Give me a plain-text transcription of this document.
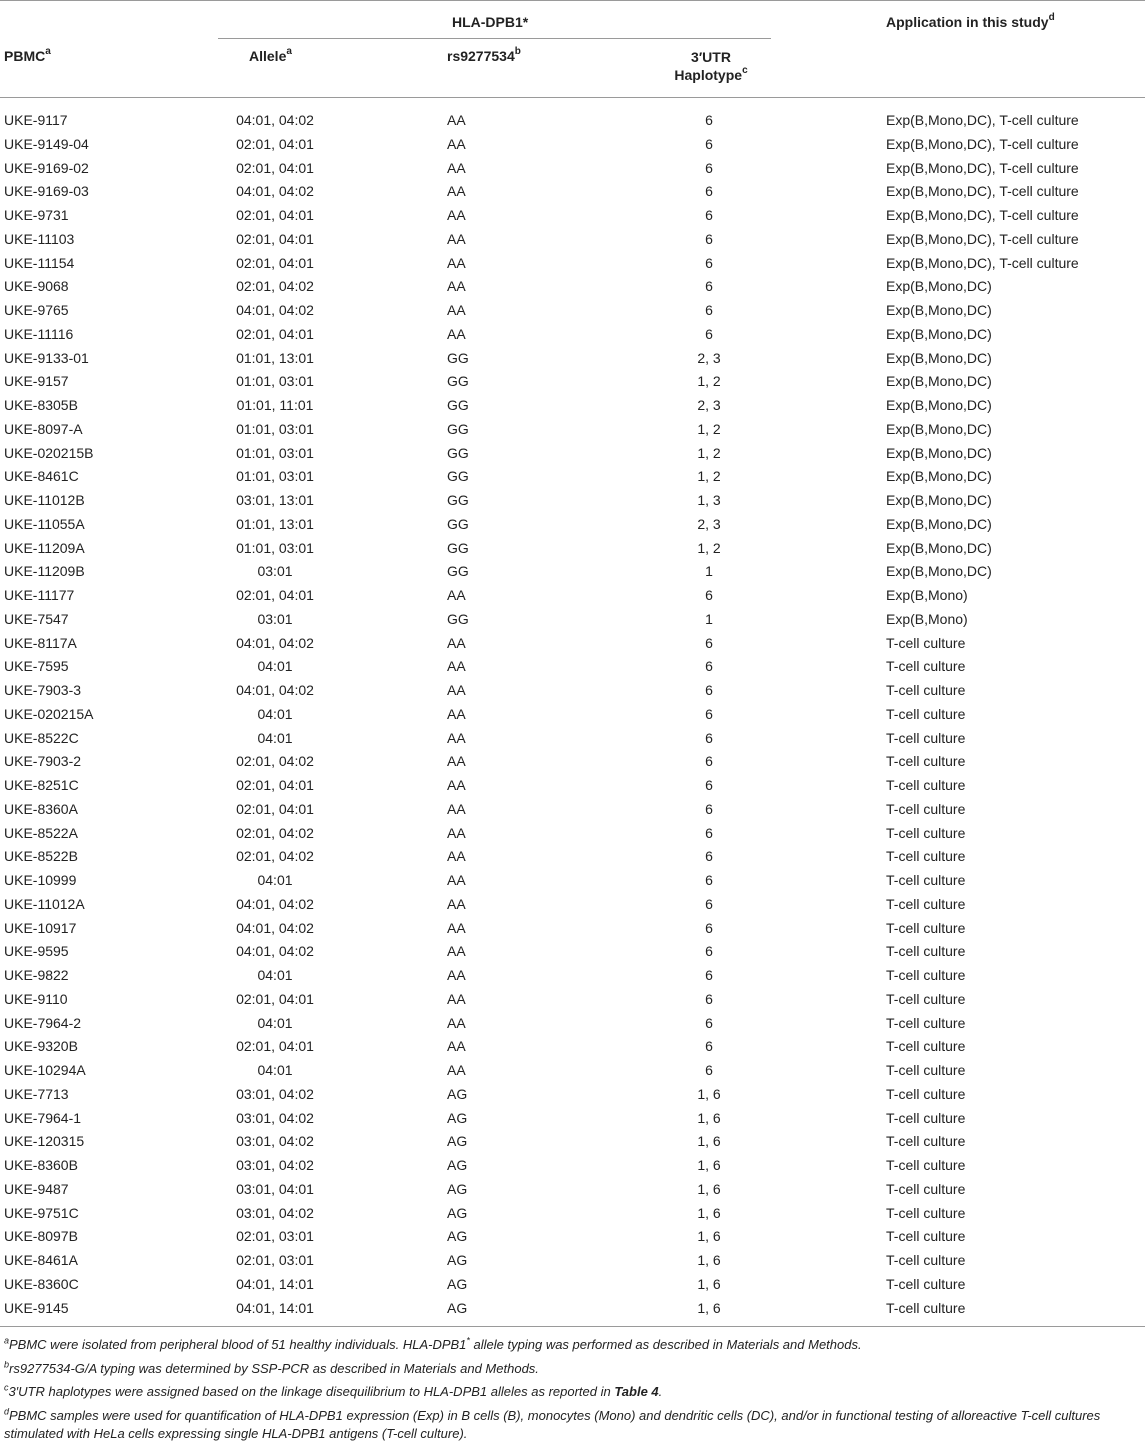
HLA-DPB1*
PBMC$^a$	Allele$^a$	rs9277534$^b$	3′UTR
Haplotype$^c$
Application in this study$^d$
UKE-9117	04:01, 04:02	AA	6	Exp(B,Mono,DC), T-cell culture
UKE-9149-04	02:01, 04:01	AA	6	Exp(B,Mono,DC), T-cell culture
UKE-9169-02	02:01, 04:01	AA	6	Exp(B,Mono,DC), T-cell culture
UKE-9169-03	04:01, 04:02	AA	6	Exp(B,Mono,DC), T-cell culture
UKE-9731	02:01, 04:01	AA	6	Exp(B,Mono,DC), T-cell culture
UKE-11103	02:01, 04:01	AA	6	Exp(B,Mono,DC), T-cell culture
UKE-11154	02:01, 04:01	AA	6	Exp(B,Mono,DC), T-cell culture
UKE-9068	02:01, 04:02	AA	6	Exp(B,Mono,DC)
UKE-9765	04:01, 04:02	AA	6	Exp(B,Mono,DC)
UKE-11116	02:01, 04:01	AA	6	Exp(B,Mono,DC)
UKE-9133-01	01:01, 13:01	GG	2, 3	Exp(B,Mono,DC)
UKE-9157	01:01, 03:01	GG	1, 2	Exp(B,Mono,DC)
UKE-8305B	01:01, 11:01	GG	2, 3	Exp(B,Mono,DC)
UKE-8097-A	01:01, 03:01	GG	1, 2	Exp(B,Mono,DC)
UKE-020215B	01:01, 03:01	GG	1, 2	Exp(B,Mono,DC)
UKE-8461C	01:01, 03:01	GG	1, 2	Exp(B,Mono,DC)
UKE-11012B	03:01, 13:01	GG	1, 3	Exp(B,Mono,DC)
UKE-11055A	01:01, 13:01	GG	2, 3	Exp(B,Mono,DC)
UKE-11209A	01:01, 03:01	GG	1, 2	Exp(B,Mono,DC)
UKE-11209B	03:01	GG	1	Exp(B,Mono,DC)
UKE-11177	02:01, 04:01	AA	6	Exp(B,Mono)
UKE-7547	03:01	GG	1	Exp(B,Mono)
UKE-8117A	04:01, 04:02	AA	6	T-cell culture
UKE-7595	04:01	AA	6	T-cell culture
UKE-7903-3	04:01, 04:02	AA	6	T-cell culture
UKE-020215A	04:01	AA	6	T-cell culture
UKE-8522C	04:01	AA	6	T-cell culture
UKE-7903-2	02:01, 04:02	AA	6	T-cell culture
UKE-8251C	02:01, 04:01	AA	6	T-cell culture
UKE-8360A	02:01, 04:01	AA	6	T-cell culture
UKE-8522A	02:01, 04:02	AA	6	T-cell culture
UKE-8522B	02:01, 04:02	AA	6	T-cell culture
UKE-10999	04:01	AA	6	T-cell culture
UKE-11012A	04:01, 04:02	AA	6	T-cell culture
UKE-10917	04:01, 04:02	AA	6	T-cell culture
UKE-9595	04:01, 04:02	AA	6	T-cell culture
UKE-9822	04:01	AA	6	T-cell culture
UKE-9110	02:01, 04:01	AA	6	T-cell culture
UKE-7964-2	04:01	AA	6	T-cell culture
UKE-9320B	02:01, 04:01	AA	6	T-cell culture
UKE-10294A	04:01	AA	6	T-cell culture
UKE-7713	03:01, 04:02	AG	1, 6	T-cell culture
UKE-7964-1	03:01, 04:02	AG	1, 6	T-cell culture
UKE-120315	03:01, 04:02	AG	1, 6	T-cell culture
UKE-8360B	03:01, 04:02	AG	1, 6	T-cell culture
UKE-9487	03:01, 04:01	AG	1, 6	T-cell culture
UKE-9751C	03:01, 04:02	AG	1, 6	T-cell culture
UKE-8097B	02:01, 03:01	AG	1, 6	T-cell culture
UKE-8461A	02:01, 03:01	AG	1, 6	T-cell culture
UKE-8360C	04:01, 14:01	AG	1, 6	T-cell culture
UKE-9145	04:01, 14:01	AG	1, 6	T-cell culture

$^a$PBMC were isolated from peripheral blood of 51 healthy individuals. HLA-DPB1* allele typing was performed as described in Materials and Methods.

$^b$rs9277534-G/A typing was determined by SSP-PCR as described in Materials and Methods.

$^c$3′UTR haplotypes were assigned based on the linkage disequilibrium to HLA-DPB1 alleles as reported in Table 4.

$^d$PBMC samples were used for quantification of HLA-DPB1 expression (Exp) in B cells (B), monocytes (Mono) and dendritic cells (DC), and/or in functional testing of alloreactive T-cell cultures stimulated with HeLa cells expressing single HLA-DPB1 antigens (T-cell culture).
